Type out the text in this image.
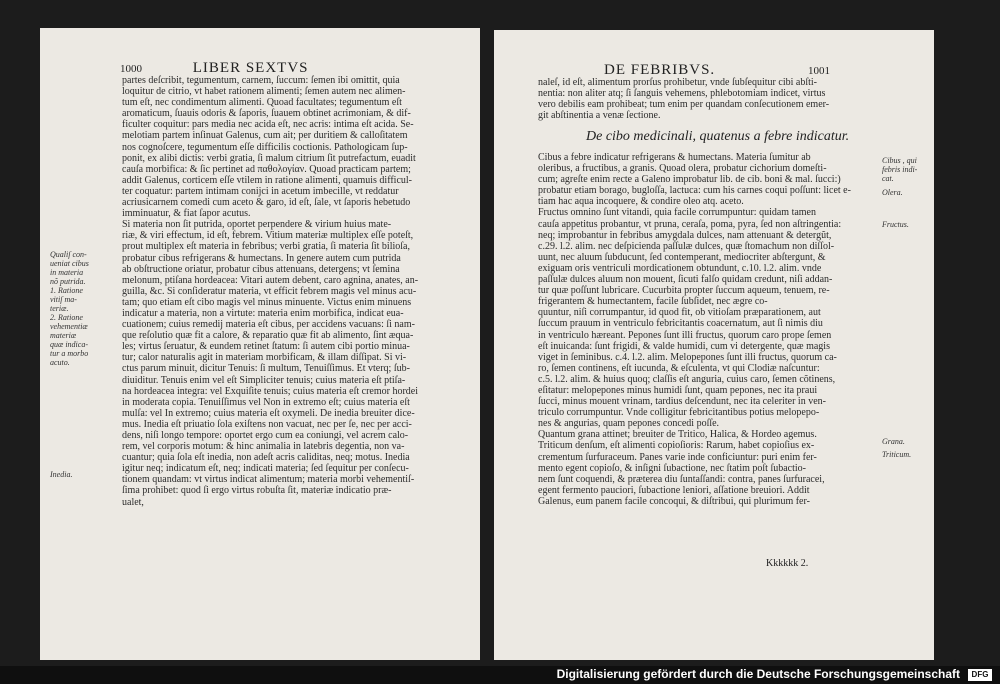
1000	LIBER SEXTVS
partes deſcribit, tegumentum, carnem, ſuccum: ſemen ibi omittit, quia
loquitur de citrio, vt habet rationem alimenti; ſemen autem nec alimen-
tum eſt, nec condimentum alimenti. Quoad facultates; tegumentum eſt
aromaticum, ſuauis odoris & ſaporis, ſuauem obtinet acrimoniam, & dif-
ficulter coquitur: pars media nec acida eſt, nec acris: intima eſt acida. Se-
melotiam partem inſinuat Galenus, cum ait; per duritiem & calloſitatem
nos cognoſcere, tegumentum eſſe difficilis coctionis. Pathologicam ſup-
ponit, ex alibi dictis: verbi gratia, ſi malum citrium ſit putrefactum, euadit
cauſa morbifica: & ſic pertinet ad παθολογίαν. Quoad practicam partem;
addit Galenus, corticem eſſe vtilem in ratione alimenti, quamuis difficul-
ter coquatur: partem intimam conijci in acetum imbecille, vt reddatur
acriusicarnem comedi cum aceto & garo, id eſt, ſale, vt ſaporis hebetudo
imminuatur, & fiat ſapor acutus.
Si materia non ſit putrida, oportet perpendere & virium huius mate-
riæ, & viri effectum, id eſt, febrem. Vitium materiæ multiplex eſſe poteſt,
prout multiplex eſt materia in febribus; verbi gratia, ſi materia ſit bilioſa,
probatur cibus refrigerans & humectans. In genere autem cum putrida
ab obſtructione oriatur, probatur cibus attenuans, detergens; vt ſemina
melonum, ptiſana hordeacea: Vitari autem debent, caro agnina, anates, an-
guilla, &c. Si conſideratur materia, vt efficit febrem magis vel minus acu-
tam; quo etiam eſt cibo magis vel minus minuente. Victus enim minuens
indicatur a materia, non a virtute: materia enim morbifica, indicat eua-
cuationem; cuius remedij materia eſt cibus, per accidens vacuans: ſi nam-
que reſolutio quæ fit a calore, & reparatio quæ fit ab alimento, ſint æqua-
les; virtus ſeruatur, & eundem retinet ſtatum: ſi autem cibi portio minua-
tur; calor naturalis agit in materiam morbificam, & illam diſſipat. Si vi-
ctus parum minuit, dicitur Tenuis: ſi multum, Tenuiſſimus. Et vterq; ſub-
diuiditur. Tenuis enim vel eſt Simpliciter tenuis; cuius materia eſt ptiſa-
na hordeacea integra: vel Exquiſite tenuis; cuius materia eſt cremor hordei
in moderata copia. Tenuiſſimus vel Non in extremo eſt; cuius materia eſt
mulſa: vel In extremo; cuius materia eſt oxymeli. De inedia breuiter dice-
mus. Inedia eſt priuatio ſola exiſtens non vacuat, nec per ſe, nec per acci-
dens, niſi longo tempore: oportet ergo cum ea coniungi, vel acrem calo-
rem, vel corporis motum: & hinc animalia in latebris degentia, non va-
cuantur; quia ſola eſt inedia, non adeſt acris caliditas, neq; motus. Inedia
igitur neq; indicatum eſt, neq; indicati materia; ſed ſequitur per conſecu-
tionem quandam: vt virtus indicat alimentum; materia morbi vehementiſ-
ſima prohibet: quod ſi ergo virtus robuſta ſit, materiæ indicatio præ-
ualet,
Qualiſ con-
ueniat cibus
in materia
nõ putrida.
1. Ratione
vitiſ ma-
teriæ.
2. Ratione
vehementiæ
materiæ
quæ indica-
tur a morbo
acuto.
Inedia.
DE FEBRIBVS.	1001
naleſ, id eſt, alimentum prorſus prohibetur, vnde ſubſequitur cibi abſti-
nentia: non aliter atq; ſi ſanguis vehemens, phlebotomiam indicet, virtus
vero debilis eam prohibeat; tum enim per quandam conſecutionem emer-
git abſtinentia a venæ ſectione.
De cibo medicinali, quatenus a febre indicatur.
Cibus a febre indicatur refrigerans & humectans. Materia ſumitur ab
oleribus, a fructibus, a granis. Quoad olera, probatur cichorium domeſti-
cum; agreſte enim recte a Galeno improbatur lib. de cib. boni & mal. ſucci:)
probatur etiam borago, bugloſſa, lactuca: cum his carnes coqui poſſunt: licet e-
tiam hac aqua incoquere, & condire oleo atq. aceto.
Fructus omnino ſunt vitandi, quia facile corrumpuntur: quidam tamen
cauſa appetitus probantur, vt pruna, ceraſa, poma, pyra, ſed non aſtringentia:
neq; improbantur in febribus amygdala dulces, nam attenuant & detergũt,
c.29. l.2. alim. nec deſpicienda paſſulæ dulces, quæ ſtomachum non diſſol-
uunt, nec aluum ſubducunt, ſed contemperant, mediocriter abſtergunt, &
exiguam oris ventriculi mordicationem obtundunt, c.10. l.2. alim. vnde
paſſulæ dulces aluum non mouent, ſicuti falſo quidam credunt, niſi addan-
tur quæ poſſunt lubricare. Cucurbita propter ſuccum aqueum, tenuem, re-
frigerantem & humectantem, facile ſubſidet, nec ægre co-
quuntur, niſi corrumpantur, id quod fit, ob vitioſam præparationem, aut
ſuccum prauum in ventriculo febricitantis coacernatum, aut ſi nimis diu
in ventriculo hæreant. Pepones ſunt illi fructus, quorum caro prope ſemen
eſt inuicanda: ſunt frigidi, & valde humidi, cum vi detergente, quæ magis
viget in ſeminibus. c.4. l.2. alim. Melopepones ſunt illi fructus, quorum ca-
ro, ſemen continens, eſt iucunda, & eſculenta, vt qui Clodiæ naſcuntur:
c.5. l.2. alim. & huius quoq; claſſis eſt anguria, cuius caro, ſemen cõtinens,
eſitatur: melopepones minus humidi ſunt, quam pepones, nec ita praui
ſucci, minus mouent vrinam, tardius deſcendunt, nec ita celeriter in ven-
triculo corrumpuntur. Vnde colligitur febricitantibus potius melopepo-
nes & angurias, quam pepones concedi poſſe.
Quantum grana attinet; breuiter de Tritico, Halica, & Hordeo agemus.
Triticum denſum, eſt alimenti copioſioris: Rarum, habet copioſius ex-
crementum ſurfuraceum. Panes varie inde conficiuntur: puri enim fer-
mento egent copioſo, & inſigni ſubactione, nec ſtatim poſt ſubactio-
nem ſunt coquendi, & præterea diu ſuntaſſandi: contra, panes ſurfuracei,
egent fermento pauciori, ſubactione leniori, aſſatione breuiori. Addit
Galenus, eum panem facile concoqui, & diſtribui, qui plurimum fer-
Kkkkkk 2.
Cibus , qui
febris indi-
cat.
Olera.
Fructus.
Grana.
Triticum.
Digitalisierung gefördert durch die Deutsche Forschungsgemeinschaft	DFG
